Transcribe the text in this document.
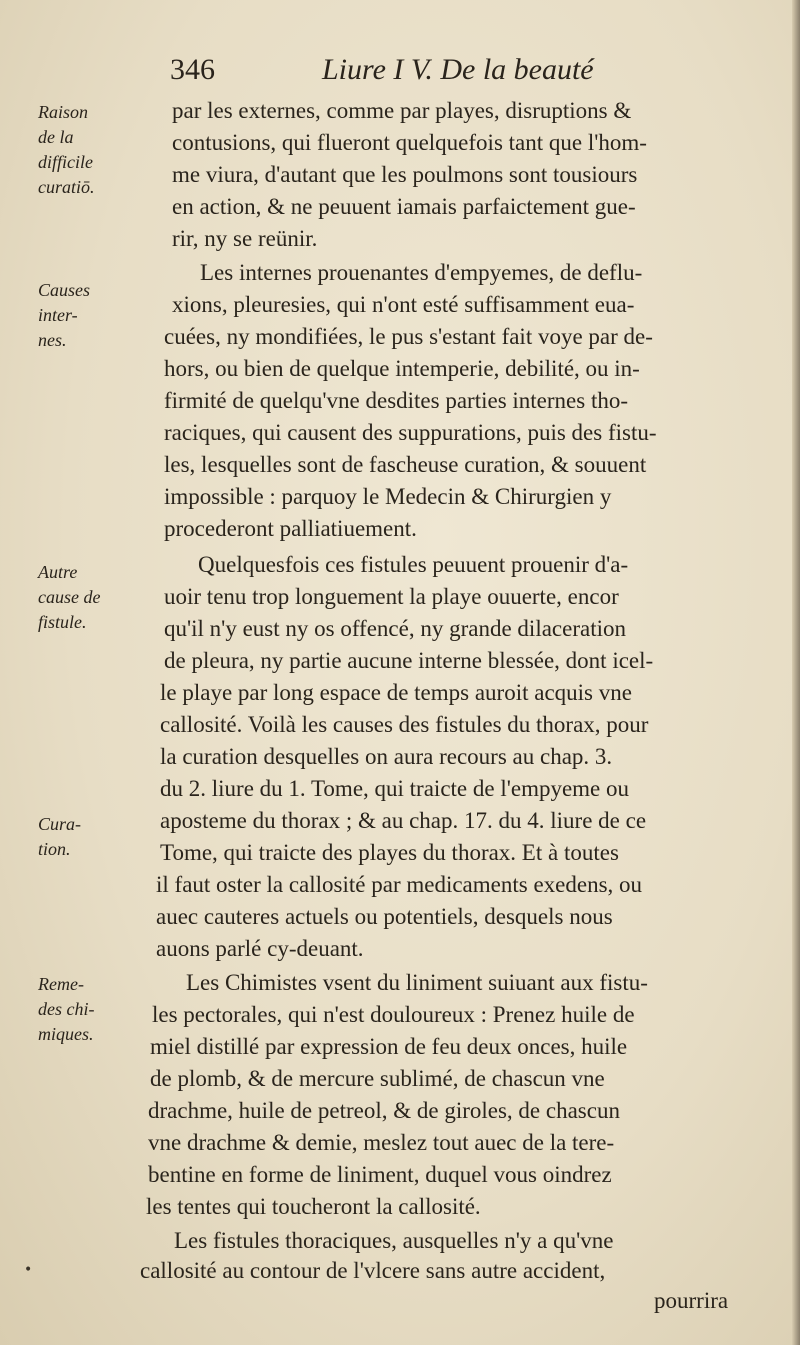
346	Liure I V. De la beauté
Raison
de la
difficile
curatiō.
Causes
inter-
nes.
Autre
cause de
fistule.
Cura-
tion.
Reme-
des chi-
miques.
par les externes, comme par playes, disruptions &
contusions, qui flueront quelquefois tant que l'hom-
me viura, d'autant que les poulmons sont tousiours
en action, & ne peuuent iamais parfaictement gue-
rir, ny se reünir.
Les internes prouenantes d'empyemes, de deflu-
xions, pleuresies, qui n'ont esté suffisamment eua-
cuées, ny mondifiées, le pus s'estant fait voye par de-
hors, ou bien de quelque intemperie, debilité, ou in-
firmité de quelqu'vne desdites parties internes tho-
raciques, qui causent des suppurations, puis des fistu-
les, lesquelles sont de fascheuse curation, & souuent
impossible : parquoy le Medecin & Chirurgien y
procederont palliatiuement.
Quelquesfois ces fistules peuuent prouenir d'a-
uoir tenu trop longuement la playe ouuerte, encor
qu'il n'y eust ny os offencé, ny grande dilaceration
de pleura, ny partie aucune interne blessée, dont icel-
le playe par long espace de temps auroit acquis vne
callosité. Voilà les causes des fistules du thorax, pour
la curation desquelles on aura recours au chap. 3.
du 2. liure du 1. Tome, qui traicte de l'empyeme ou
aposteme du thorax ; & au chap. 17. du 4. liure de ce
Tome, qui traicte des playes du thorax. Et à toutes
il faut oster la callosité par medicaments exedens, ou
auec cauteres actuels ou potentiels, desquels nous
auons parlé cy-deuant.
Les Chimistes vsent du liniment suiuant aux fistu-
les pectorales, qui n'est douloureux : Prenez huile de
miel distillé par expression de feu deux onces, huile
de plomb, & de mercure sublimé, de chascun vne
drachme, huile de petreol, & de giroles, de chascun
vne drachme & demie, meslez tout auec de la tere-
bentine en forme de liniment, duquel vous oindrez
les tentes qui toucheront la callosité.
Les fistules thoraciques, ausquelles n'y a qu'vne
callosité au contour de l'vlcere sans autre accident,
pourrira
•
